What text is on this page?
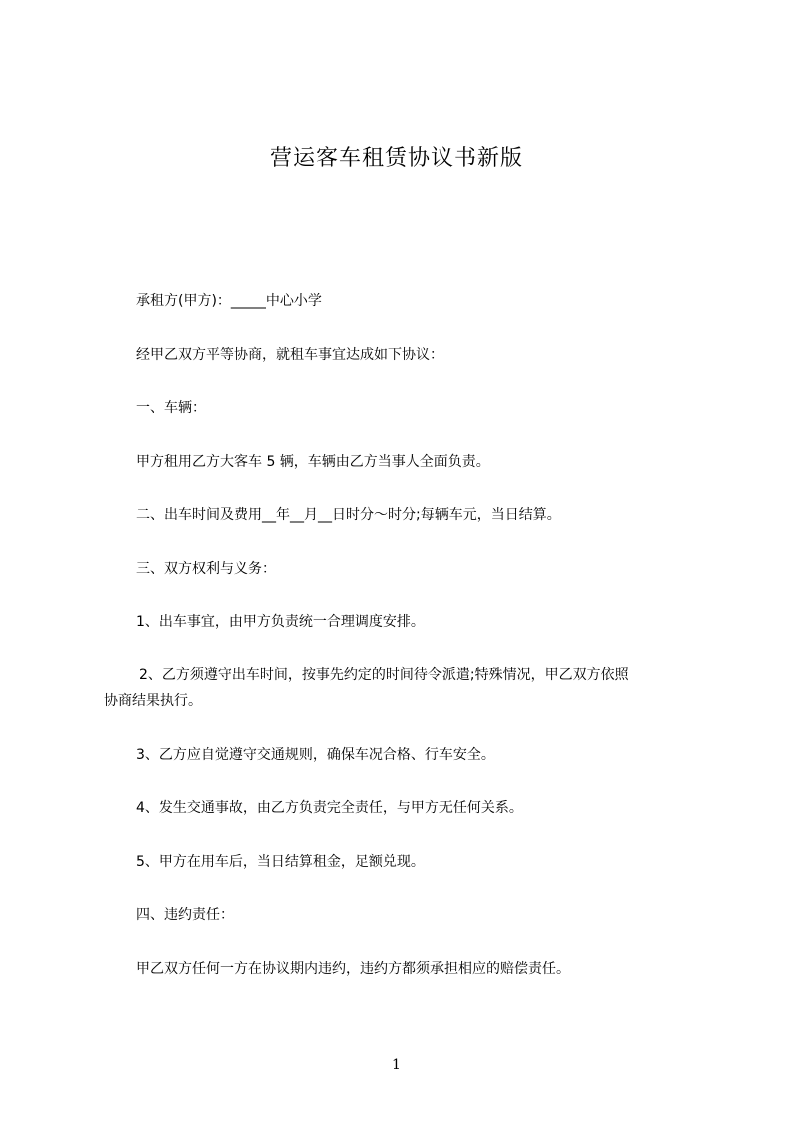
营运客车租赁协议书新版
承租方(甲方)：_____中心小学
经甲乙双方平等协商，就租车事宜达成如下协议：
一、车辆：
甲方租用乙方大客车 5 辆，车辆由乙方当事人全面负责。
二、出车时间及费用__年__月__日时分～时分;每辆车元，当日结算。
三、双方权利与义务：
1、出车事宜，由甲方负责统一合理调度安排。
2、乙方须遵守出车时间，按事先约定的时间待令派遣;特殊情况，甲乙双方依照
协商结果执行。
3、乙方应自觉遵守交通规则，确保车况合格、行车安全。
4、发生交通事故，由乙方负责完全责任，与甲方无任何关系。
5、甲方在用车后，当日结算租金，足额兑现。
四、违约责任：
甲乙双方任何一方在协议期内违约，违约方都须承担相应的赔偿责任。
1
